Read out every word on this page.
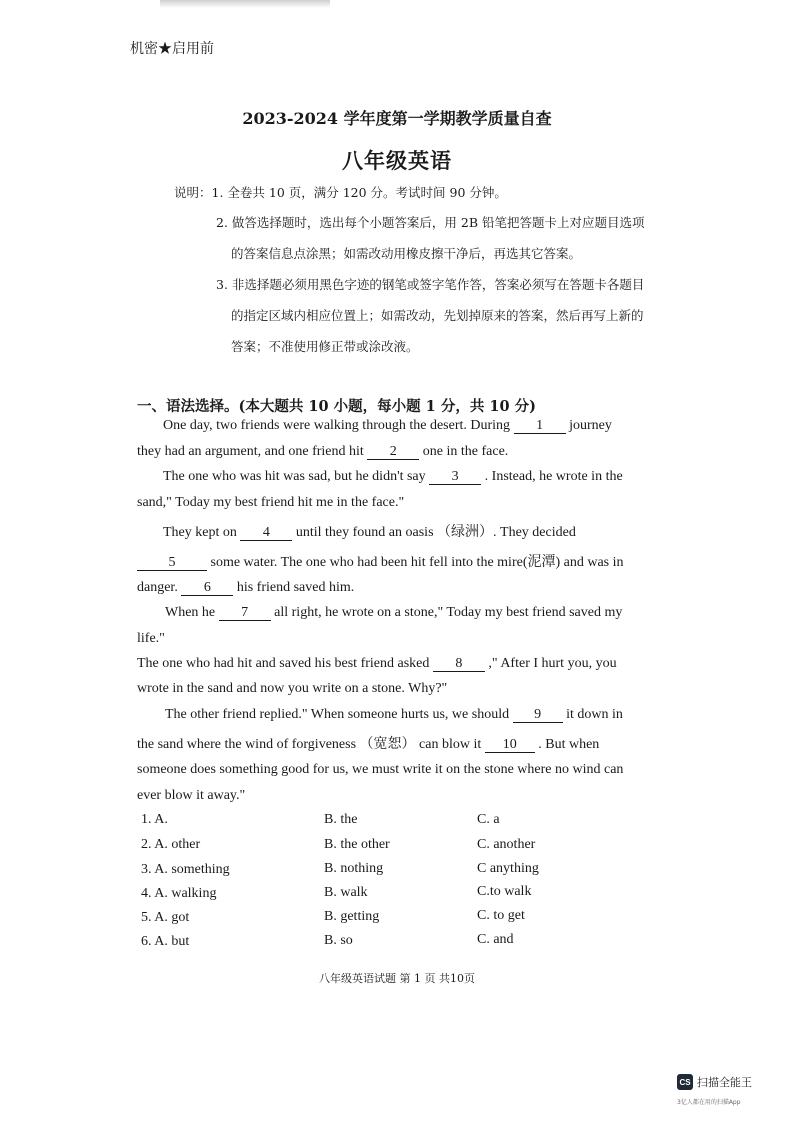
机密★启用前
2023-2024 学年度第一学期教学质量自查
八年级英语
说明：1. 全卷共 10 页，满分 120 分。考试时间 90 分钟。
2. 做答选择题时，选出每个小题答案后，用 2B 铅笔把答题卡上对应题目选项
的答案信息点涂黑；如需改动用橡皮擦干净后，再选其它答案。
3. 非选择题必须用黑色字迹的钢笔或签字笔作答，答案必须写在答题卡各题目
的指定区域内相应位置上；如需改动，先划掉原来的答案，然后再写上新的
答案；不准使用修正带或涂改液。
一、语法选择。(本大题共 10 小题，每小题 1 分，共 10 分)
One day, two friends were walking through the desert. During 1 journey
they had an argument, and one friend hit 2 one in the face.
The one who was hit was sad, but he didn't say 3 . Instead, he wrote in the
sand," Today my best friend hit me in the face."
They kept on 4 until they found an oasis （绿洲）. They decided
5	some water. The one who had been hit fell into the mire(泥潭) and was in
danger. 6 his friend saved him.
When he 7 all right, he wrote on a stone," Today my best friend saved my
life."
The one who had hit and saved his best friend asked 8 ," After I hurt you, you
wrote in the sand and now you write on a stone. Why?"
The other friend replied." When someone hurts us, we should 9 it down in
the sand where the wind of forgiveness （宽恕） can blow it 10 . But when
someone does something good for us, we must write it on the stone where no wind can
ever blow it away."
1. A.	B. the	C. a
2. A. other	B. the other	C. another
3. A. something	B. nothing	C anything
4. A. walking	B. walk	C.to walk
5. A. got	B. getting	C. to get
6. A. but	B. so	C. and
八年级英语试题 第 1 页 共10页
CS 扫描全能王
3亿人都在用的扫描App
